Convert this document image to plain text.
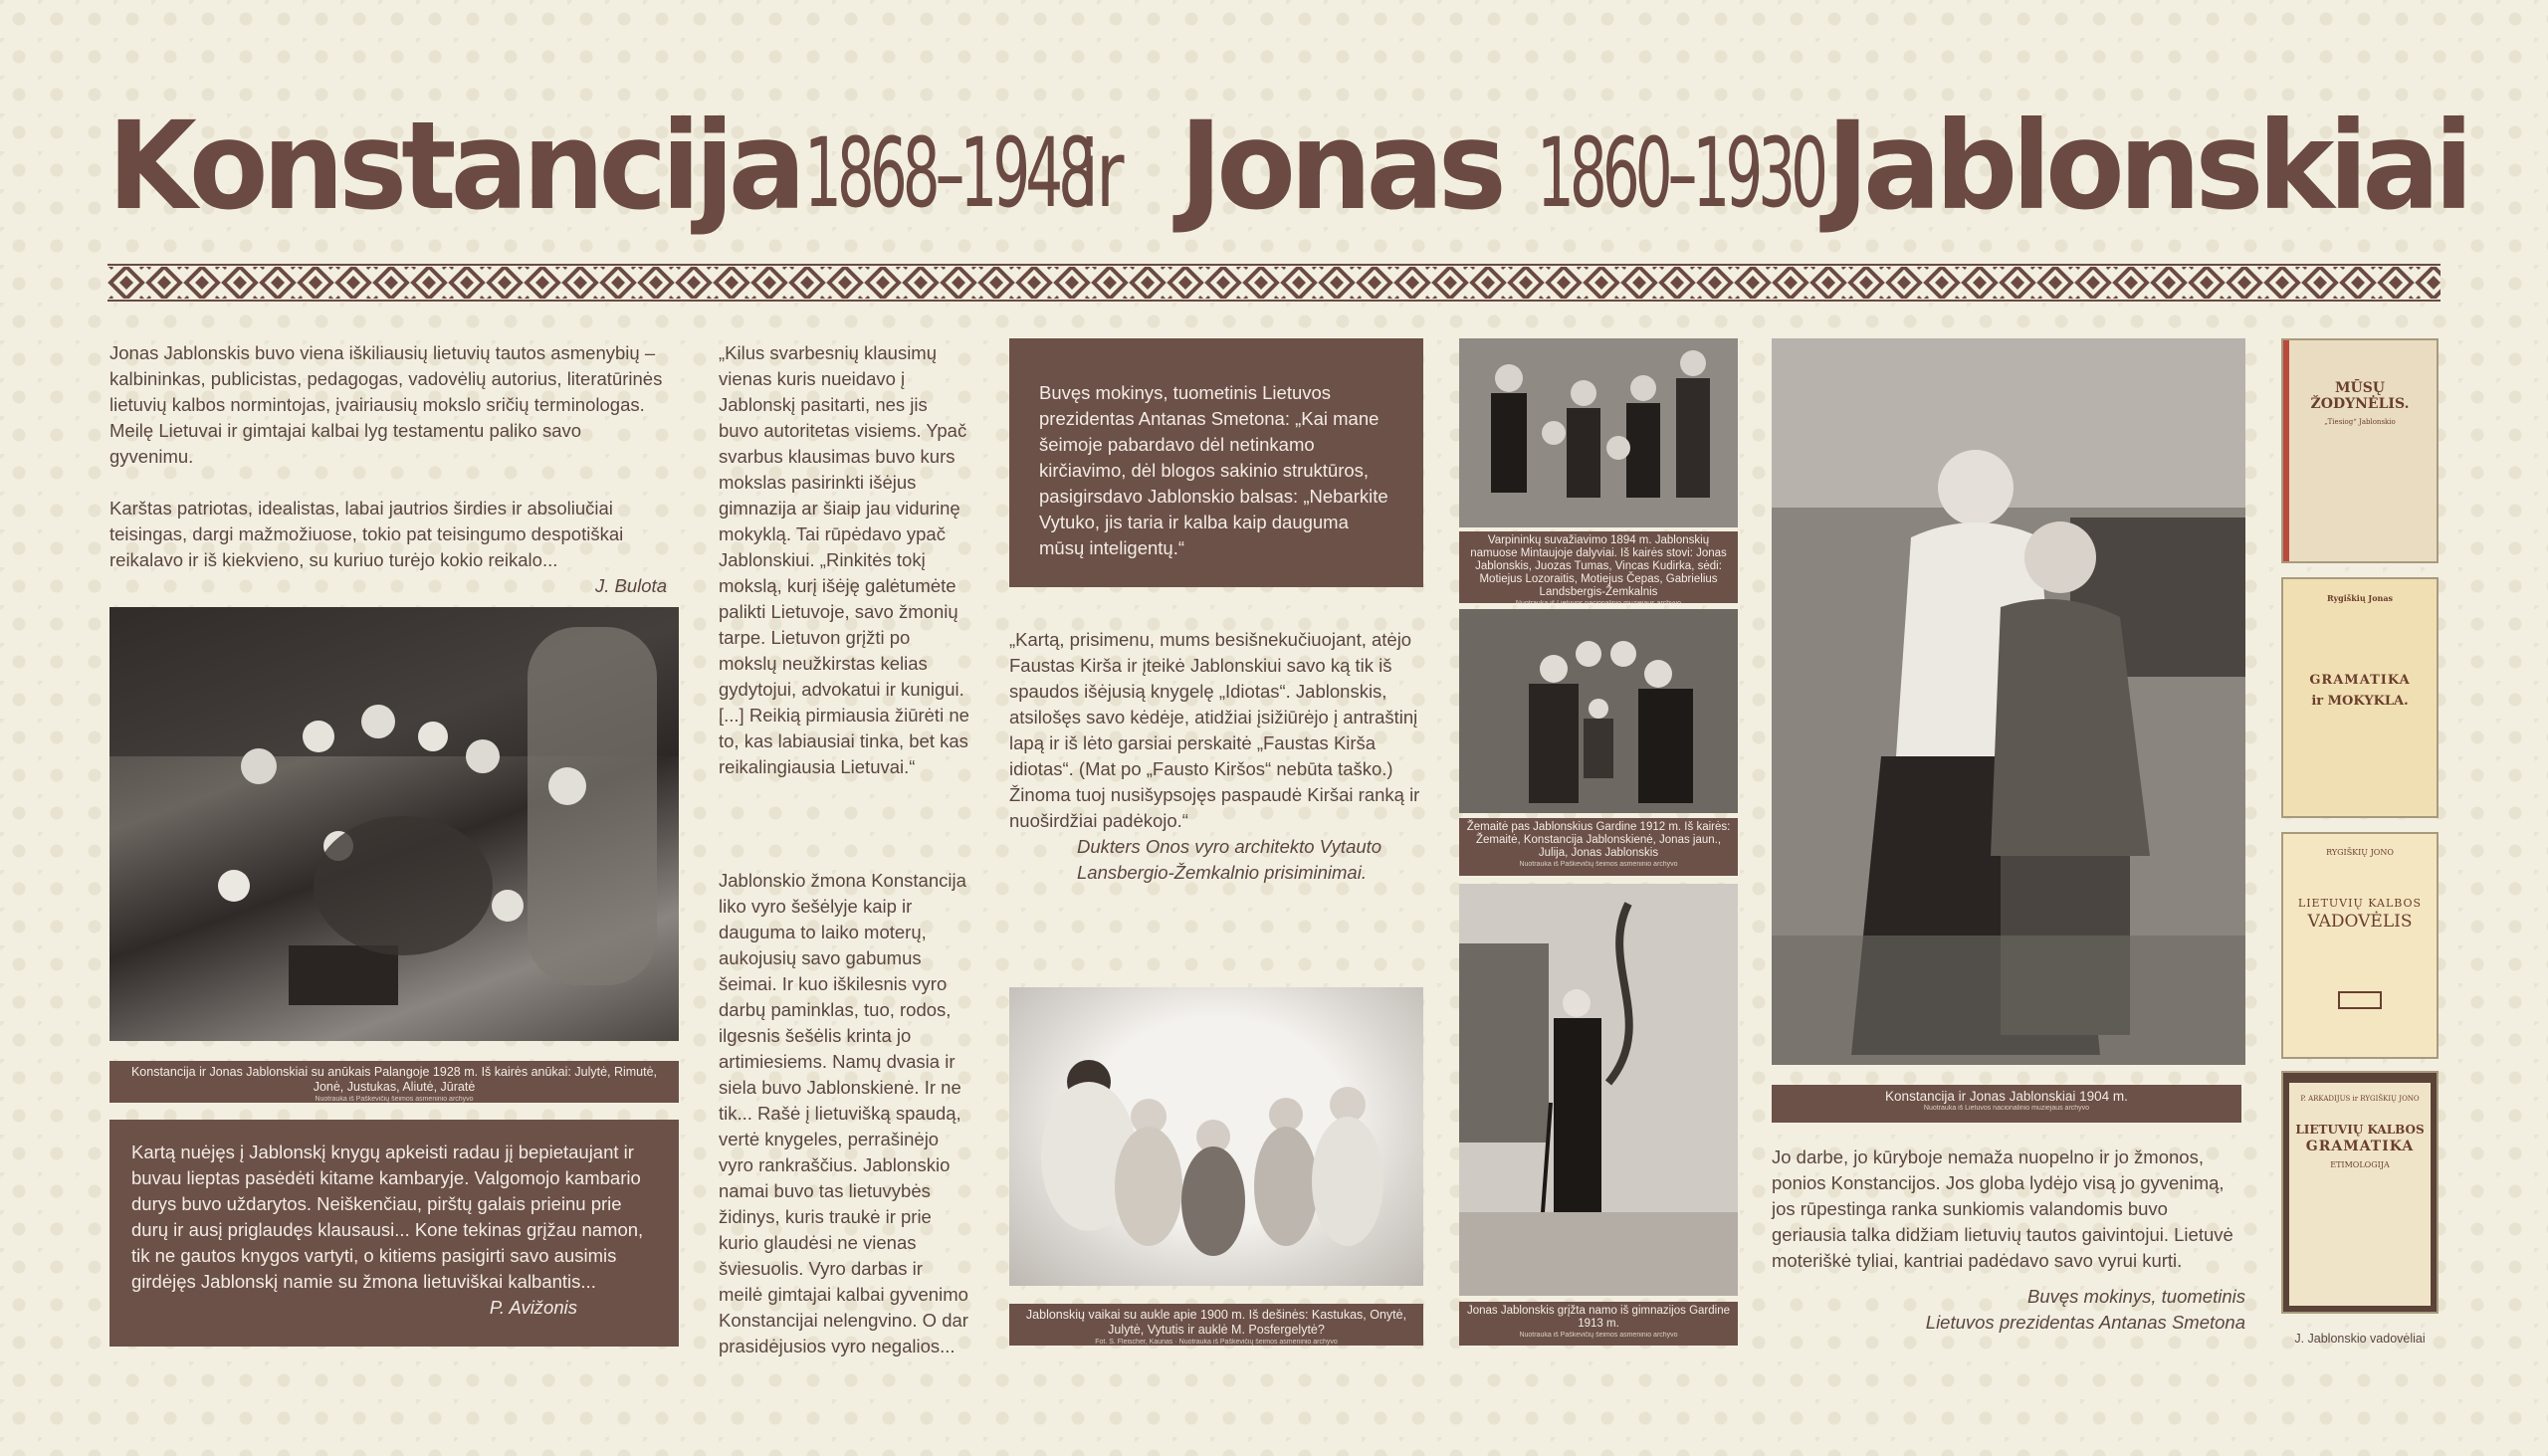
Konstancija1868–1948ir Jonas 1860–1930Jablonskiai

Jonas Jablonskis buvo viena iškiliausių lietuvių tautos asmenybių – kalbininkas, publicistas, pedagogas, vadovėlių autorius, literatūrinės lietuvių kalbos normintojas, įvairiausių mokslo sričių terminologas. Meilę Lietuvai ir gimtajai kalbai lyg testamentu paliko savo gyvenimu.

Karštas patriotas, idealistas, labai jautrios širdies ir absoliučiai teisingas, dargi mažmožiuose, tokio pat teisingumo despotiškai reikalavo ir iš kiekvieno, su kuriuo turėjo kokio reikalo...

J. Bulota
Konstancija ir Jonas Jablonskiai su anūkais Palangoje 1928 m. Iš kairės anūkai: Julytė, Rimutė, Jonė, Justukas, Aliutė, Jūratė
Nuotrauka iš Paškevičių šeimos asmeninio archyvo
Kartą nuėjęs į Jablonskį knygų apkeisti radau jį bepietaujant ir buvau lieptas pasėdėti kitame kambaryje. Valgomojo kambario durys buvo uždarytos. Neiškenčiau, pirštų galais prieinu prie durų ir ausį priglaudęs klausausi... Kone tekinas grįžau namon, tik ne gautos knygos vartyti, o kitiems pasigirti savo ausimis girdėjęs Jablonskį namie su žmona lietuviškai kalbantis...
P. Avižonis

„Kilus svarbesnių klausimų vienas kuris nueidavo į Jablonskį pasitarti, nes jis buvo autoritetas visiems. Ypač svarbus klausimas buvo kurs mokslas pasirinkti išėjus gimnazija ar šiaip jau vidurinę mokyklą. Tai rūpėdavo ypač Jablonskiui. „Rinkitės tokį mokslą, kurį išėję galėtumėte palikti Lietuvoje, savo žmonių tarpe. Lietuvon grįžti po mokslų neužkirstas kelias gydytojui, advokatui ir kunigui. [...] Reikią pirmiausia žiūrėti ne to, kas labiausiai tinka, bet kas reikalingiausia Lietuvai.“

Jablonskio žmona Konstancija liko vyro šešėlyje kaip ir dauguma to laiko moterų, aukojusių savo gabumus šeimai. Ir kuo iškilesnis vyro darbų paminklas, tuo, rodos, ilgesnis šešėlis krinta jo artimiesiems. Namų dvasia ir siela buvo Jablonskienė. Ir ne tik... Rašė į lietuvišką spaudą, vertė knygeles, perrašinėjo vyro rankraščius. Jablonskio namai buvo tas lietuvybės židinys, kuris traukė ir prie kurio glaudėsi ne vienas šviesuolis. Vyro darbas ir meilė gimtajai kalbai gyvenimo Konstancijai nelengvino. O dar prasidėjusios vyro negalios...

Buvęs mokinys, tuometinis Lietuvos prezidentas Antanas Smetona: „Kai mane šeimoje pabardavo dėl netinkamo kirčiavimo, dėl blogos sakinio struktūros, pasigirsdavo Jablonskio balsas: „Nebarkite Vytuko, jis taria ir kalba kaip dauguma mūsų inteligentų.“

„Kartą, prisimenu, mums besišnekučiuojant, atėjo Faustas Kirša ir įteikė Jablonskiui savo ką tik iš spaudos išėjusią knygelę „Idiotas“. Jablonskis, atsilošęs savo kėdėje, atidžiai įsižiūrėjo į antraštinį lapą ir iš lėto garsiai perskaitė „Faustas Kirša idiotas“. (Mat po „Fausto Kiršos“ nebūta taško.) Žinoma tuoj nusišypsojęs paspaudė Kiršai ranką ir nuoširdžiai padėkojo.“

Dukters Onos vyro architekto Vytauto
Lansbergio-Žemkalnio prisiminimai.
Jablonskių vaikai su aukle apie 1900 m. Iš dešinės: Kastukas, Onytė, Julytė, Vytutis ir auklė M. Posfergelytė?
Fot. S. Fleischer, Kaunas · Nuotrauka iš Paškevičių šeimos asmeninio archyvo
Varpininkų suvažiavimo 1894 m. Jablonskių namuose Mintaujoje dalyviai. Iš kairės stovi: Jonas Jablonskis, Juozas Tumas, Vincas Kudirka, sėdi: Motiejus Lozoraitis, Motiejus Čepas, Gabrielius Landsbergis-Žemkalnis
Nuotrauka iš Lietuvos nacionalinio muziejaus archyvo
Žemaitė pas Jablonskius Gardine 1912 m. Iš kairės: Žemaitė, Konstancija Jablonskienė, Jonas jaun., Julija, Jonas Jablonskis
Nuotrauka iš Paškevičių šeimos asmeninio archyvo
Jonas Jablonskis grįžta namo iš gimnazijos Gardine 1913 m.
Nuotrauka iš Paškevičių šeimos asmeninio archyvo
Konstancija ir Jonas Jablonskiai 1904 m.
Nuotrauka iš Lietuvos nacionalinio muziejaus archyvo

Jo darbe, jo kūryboje nemaža nuopelno ir jo žmonos, ponios Konstancijos. Jos globa lydėjo visą jo gyvenimą, jos rūpestinga ranka sunkiomis valandomis buvo geriausia talka didžiam lietuvių tautos gaivintojui. Lietuvė moteriškė tyliai, kantriai padėdavo savo vyrui kurti.

Buvęs mokinys, tuometinis
Lietuvos prezidentas Antanas Smetona
MŪSŲ ŽODYNĖLIS.
„Tiesiog“ Jablonskio
Rygiškių Jonas
GRAMATIKA
ir MOKYKLA.
RYGIŠKIŲ JONO
LIETUVIŲ KALBOS
VADOVĖLIS
P. ARKADIJUS ir RYGIŠKIŲ JONO
LIETUVIŲ KALBOS
GRAMATIKA
ETIMOLOGIJA
J. Jablonskio vadovėliai
